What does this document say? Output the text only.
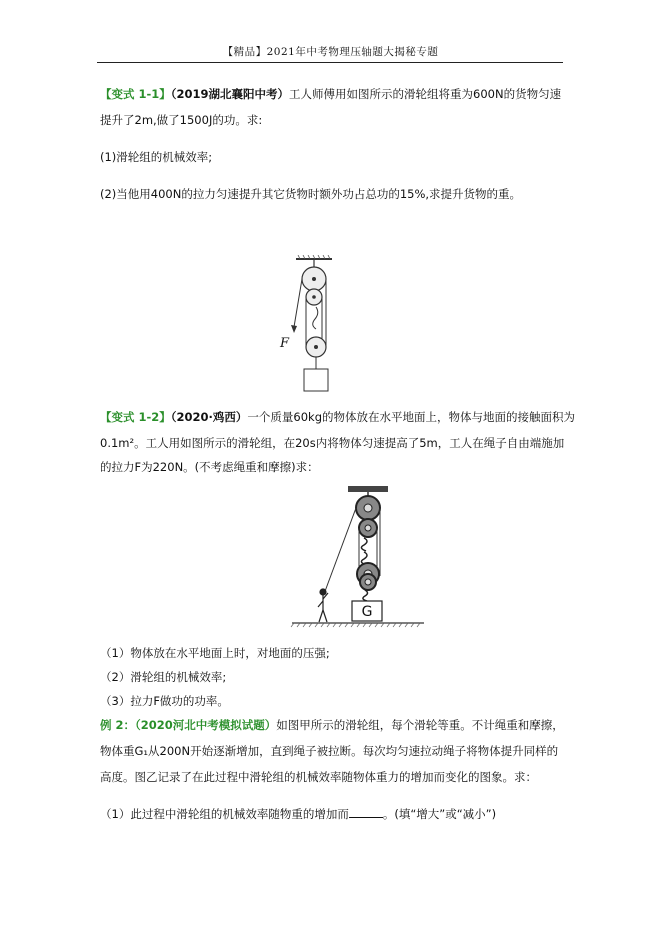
【精品】2021年中考物理压轴题大揭秘专题
【变式 1-1】（2019湖北襄阳中考）工人师傅用如图所示的滑轮组将重为600N的货物匀速
提升了2m,做了1500J的功。求:
(1)滑轮组的机械效率;
(2)当他用400N的拉力匀速提升其它货物时额外功占总功的15%,求提升货物的重。
F
【变式 1-2】（2020·鸡西）一个质量60kg的物体放在水平地面上，物体与地面的接触面积为
0.1m²。工人用如图所示的滑轮组，在20s内将物体匀速提高了5m，工人在绳子自由端施加
的拉力F为220N。(不考虑绳重和摩擦)求：
G
（1）物体放在水平地面上时，对地面的压强;
（2）滑轮组的机械效率;
（3）拉力F做功的功率。
例 2：（2020河北中考模拟试题）如图甲所示的滑轮组，每个滑轮等重。不计绳重和摩擦，
物体重G₁从200N开始逐渐增加，直到绳子被拉断。每次均匀速拉动绳子将物体提升同样的
高度。图乙记录了在此过程中滑轮组的机械效率随物体重力的增加而变化的图象。求：
（1）此过程中滑轮组的机械效率随物重的增加而	。(填“增大”或“减小”)
